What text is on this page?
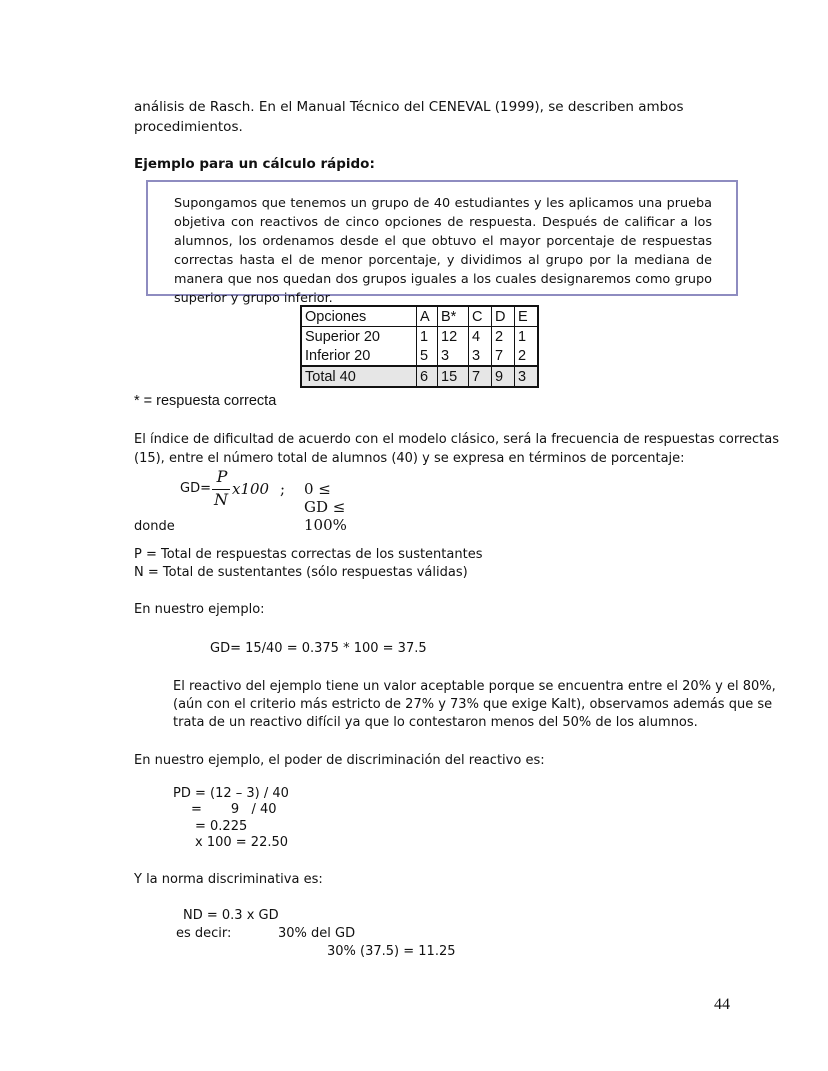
análisis de Rasch. En el Manual Técnico del CENEVAL (1999), se describen ambos
procedimientos.
Ejemplo para un cálculo rápido:
Supongamos que tenemos un grupo de 40 estudiantes y les aplicamos una prueba objetiva con reactivos de cinco opciones de respuesta. Después de calificar a los alumnos, los ordenamos desde el que obtuvo el mayor porcentaje de respuestas correctas hasta el de menor porcentaje, y dividimos al grupo por la mediana de manera que nos quedan dos grupos iguales a los cuales designaremos como grupo superior y grupo inferior.
Opciones	A	B*	C	D	E
Superior 20	1	12	4	2	1
Inferior 20	5	3	3	7	2
Total 40	6	15	7	9	3
* = respuesta correcta
El índice de dificultad de acuerdo con el modelo clásico, será la frecuencia de respuestas correctas
(15), entre el número total de alumnos (40) y se expresa en términos de porcentaje:
GD=
P
N
x100 ; 0 ≤ GD ≤ 100%
donde
P = Total de respuestas correctas de los sustentantes
N = Total de sustentantes (sólo respuestas válidas)
En nuestro ejemplo:
GD= 15/40 = 0.375 * 100 = 37.5
El reactivo del ejemplo tiene un valor aceptable porque se encuentra entre el 20% y el 80%,
(aún con el criterio más estricto de 27% y 73% que exige Kalt), observamos además que se
trata de un reactivo difícil ya que lo contestaron menos del 50% de los alumnos.
En nuestro ejemplo, el poder de discriminación del reactivo es:
PD = (12 – 3) / 40
=       9   / 40
= 0.225
x 100 = 22.50
Y la norma discriminativa es:
ND = 0.3 x GD
es decir:	30% del GD
30% (37.5) = 11.25
44
